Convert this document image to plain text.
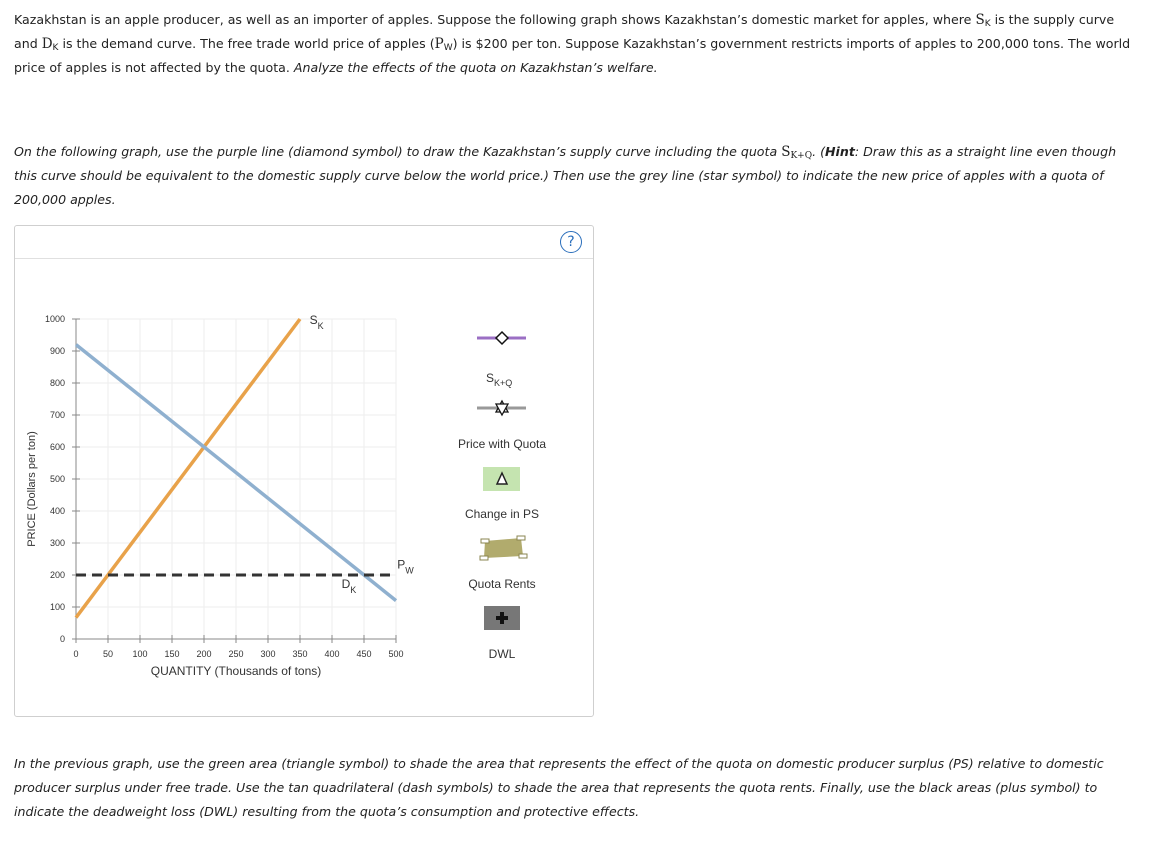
Kazakhstan is an apple producer, as well as an importer of apples. Suppose the following graph shows Kazakhstan’s domestic market for apples, where $S_K$ is the supply curve and $D_K$ is the demand curve. The free trade world price of apples $(P_W)$ is $200 per ton. Suppose Kazakhstan’s government restricts imports of apples to 200,000 tons. The world price of apples is not affected by the quota. Analyze the effects of the quota on Kazakhstan’s welfare.

On the following graph, use the purple line (diamond symbol) to draw the Kazakhstan’s supply curve including the quota $S_{K+Q}$. (Hint: Draw this as a straight line even though this curve should be equivalent to the domestic supply curve below the world price.) Then use the grey line (star symbol) to indicate the new price of apples with a quota of 200,000 apples.

?
0
100
200
300
400
500
600
700
800
900
1000
0	50 100 150 200 250 300 350 400 450 500
QUANTITY (Thousands of tons)
PRICE (Dollars per ton)
$S_K$
$D_K$
$P_W$
$S_{K+Q}$
Price with Quota
Change in PS
Quota Rents
DWL

In the previous graph, use the green area (triangle symbol) to shade the area that represents the effect of the quota on domestic producer surplus (PS) relative to domestic producer surplus under free trade. Use the tan quadrilateral (dash symbols) to shade the area that represents the quota rents. Finally, use the black areas (plus symbol) to indicate the deadweight loss (DWL) resulting from the quota’s consumption and protective effects.
